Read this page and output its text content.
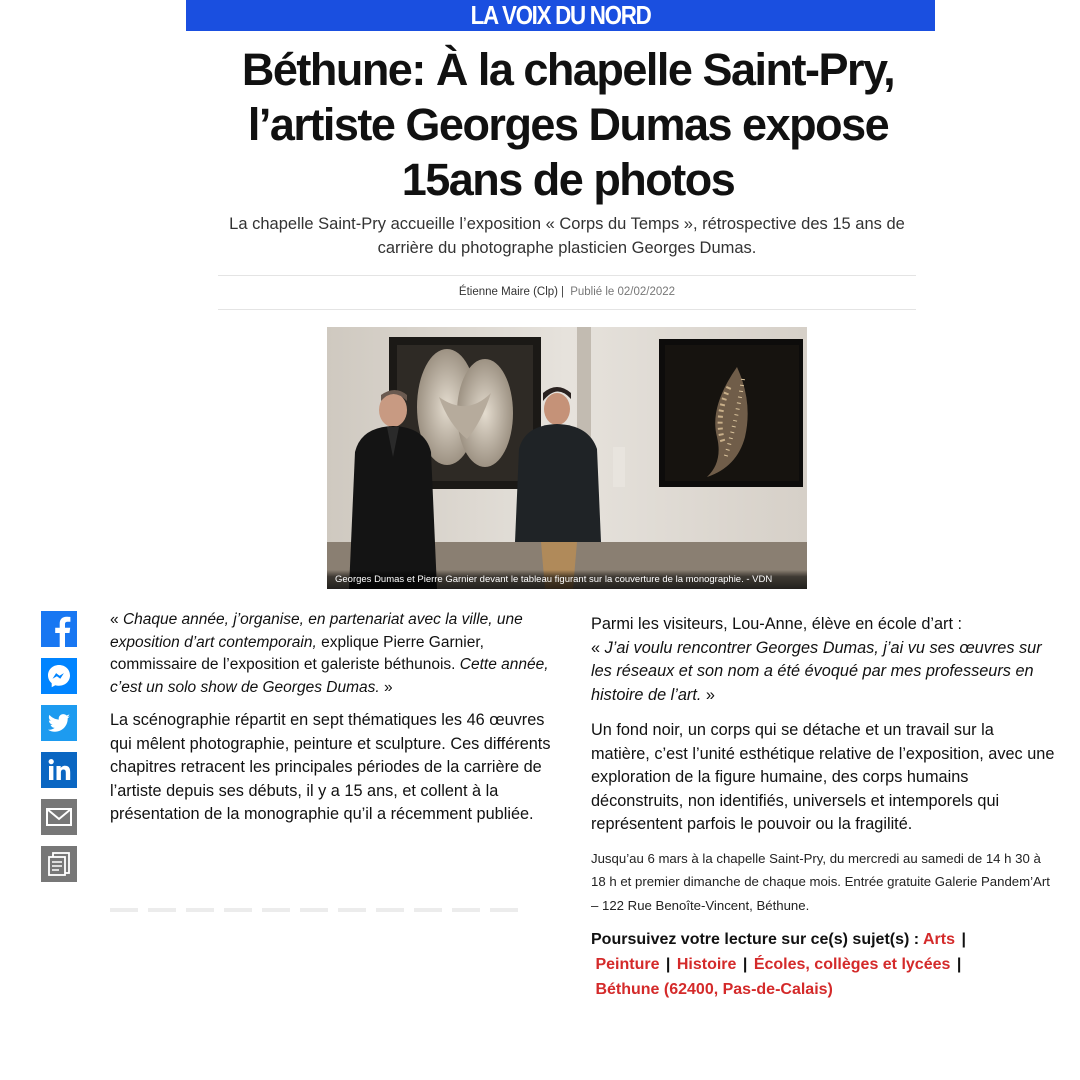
LA VOIX DU NORD
Béthune: À la chapelle Saint-Pry,
l’artiste Georges Dumas expose
15ans de photos

La chapelle Saint-Pry accueille l’exposition « Corps du Temps », rétrospective des 15 ans de carrière du photographe plasticien Georges Dumas.

Étienne Maire (Clp) | Publié le 02/02/2022
Georges Dumas et Pierre Garnier devant le tableau figurant sur la couverture de la monographie. - VDN

« Chaque année, j’organise, en partenariat avec la ville, une exposition d’art contemporain, explique Pierre Garnier, commissaire de l’exposition et galeriste béthunois. Cette année, c’est un solo show de Georges Dumas. »

La scénographie répartit en sept thématiques les 46 œuvres qui mêlent photographie, peinture et sculpture. Ces différents chapitres retracent les principales périodes de la carrière de l’artiste depuis ses débuts, il y a 15 ans, et collent à la présentation de la monographie qu’il a récemment publiée.

Parmi les visiteurs, Lou-Anne, élève en école d’art :
« J’ai voulu rencontrer Georges Dumas, j’ai vu ses œuvres sur les réseaux et son nom a été évoqué par mes professeurs en histoire de l’art. »

Un fond noir, un corps qui se détache et un travail sur la matière, c’est l’unité esthétique relative de l’exposition, avec une exploration de la figure humaine, des corps humains déconstruits, non identifiés, universels et intemporels qui représentent parfois le pouvoir ou la fragilité.

Jusqu’au 6 mars à la chapelle Saint-Pry, du mercredi au samedi de 14 h 30 à 18 h et premier dimanche de chaque mois. Entrée gratuite Galerie Pandem’Art – 122 Rue Benoîte-Vincent, Béthune.

Poursuivez votre lecture sur ce(s) sujet(s) : Arts |
Peinture | Histoire | Écoles, collèges et lycées |
Béthune (62400, Pas-de-Calais)
